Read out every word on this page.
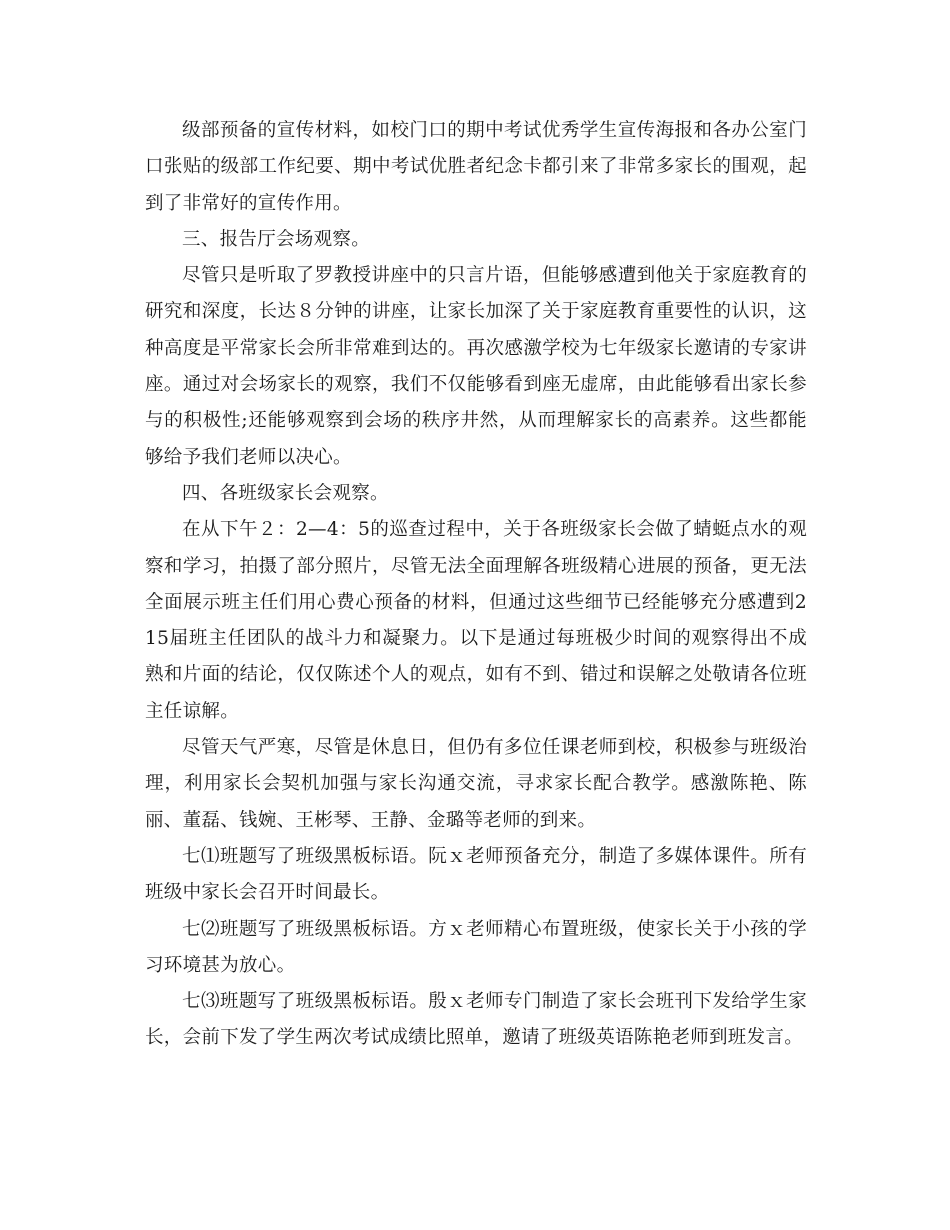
级部预备的宣传材料，如校门口的期中考试优秀学生宣传海报和各办公室门口张贴的级部工作纪要、期中考试优胜者纪念卡都引来了非常多家长的围观，起到了非常好的宣传作用。

三、报告厅会场观察。

尽管只是听取了罗教授讲座中的只言片语，但能够感遭到他关于家庭教育的研究和深度，长达８分钟的讲座，让家长加深了关于家庭教育重要性的认识，这种高度是平常家长会所非常难到达的。再次感激学校为七年级家长邀请的专家讲座。通过对会场家长的观察，我们不仅能够看到座无虚席，由此能够看出家长参与的积极性;还能够观察到会场的秩序井然，从而理解家长的高素养。这些都能够给予我们老师以决心。

四、各班级家长会观察。

在从下午２：2—4：5的巡查过程中，关于各班级家长会做了蜻蜓点水的观察和学习，拍摄了部分照片，尽管无法全面理解各班级精心进展的预备，更无法全面展示班主任们用心费心预备的材料，但通过这些细节已经能够充分感遭到215届班主任团队的战斗力和凝聚力。以下是通过每班极少时间的观察得出不成熟和片面的结论，仅仅陈述个人的观点，如有不到、错过和误解之处敬请各位班主任谅解。

尽管天气严寒，尽管是休息日，但仍有多位任课老师到校，积极参与班级治理，利用家长会契机加强与家长沟通交流，寻求家长配合教学。感激陈艳、陈丽、董磊、钱婉、王彬琴、王静、金璐等老师的到来。

七⑴班题写了班级黑板标语。阮ｘ老师预备充分，制造了多媒体课件。所有班级中家长会召开时间最长。

七⑵班题写了班级黑板标语。方ｘ老师精心布置班级，使家长关于小孩的学习环境甚为放心。

七⑶班题写了班级黑板标语。殷ｘ老师专门制造了家长会班刊下发给学生家长，会前下发了学生两次考试成绩比照单，邀请了班级英语陈艳老师到班发言。
